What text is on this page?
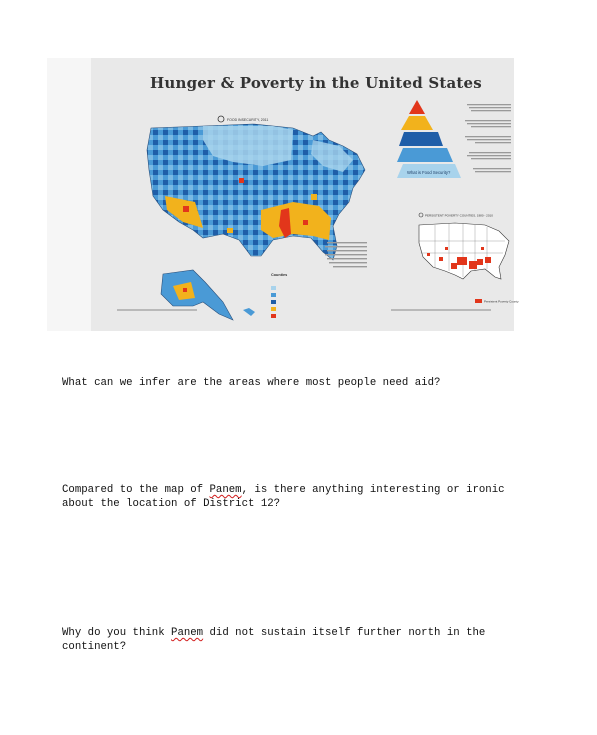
Hunger & Poverty in the United States
FOOD INSECURITY, 2011
Counties
What is Food Security?
PERSISTENT POVERTY COUNTIES, 1980 - 2010
Persistent Poverty County
What can we infer are the areas where most people need aid?
Compared to the map of Panem, is there anything interesting or ironic
about the location of District 12?
Why do you think Panem did not sustain itself further north in the
continent?
